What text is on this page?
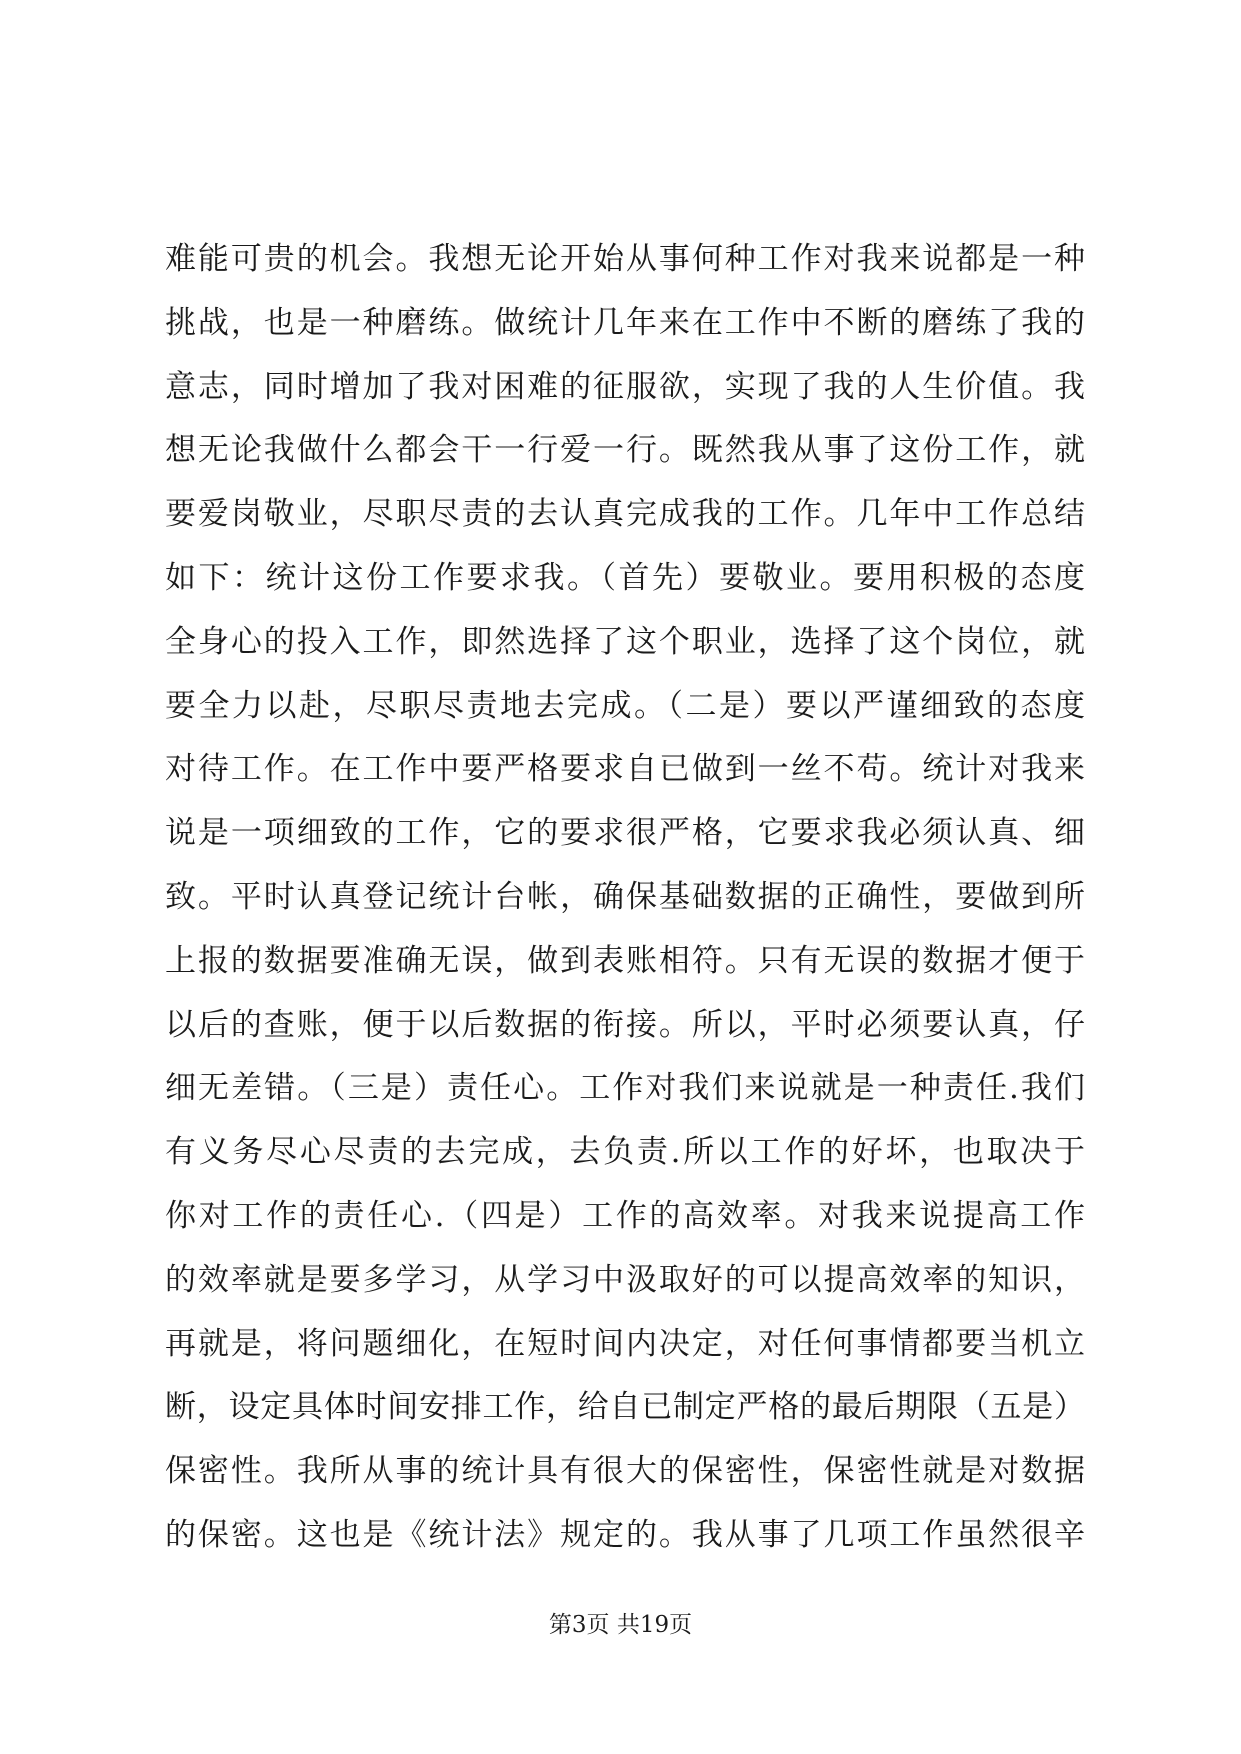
难能可贵的机会。我想无论开始从事何种工作对我来说都是一种
挑战，也是一种磨练。做统计几年来在工作中不断的磨练了我的
意志，同时增加了我对困难的征服欲，实现了我的人生价值。我
想无论我做什么都会干一行爱一行。既然我从事了这份工作，就
要爱岗敬业，尽职尽责的去认真完成我的工作。几年中工作总结
如下：统计这份工作要求我。（首先）要敬业。要用积极的态度
全身心的投入工作，即然选择了这个职业，选择了这个岗位，就
要全力以赴，尽职尽责地去完成。（二是）要以严谨细致的态度
对待工作。在工作中要严格要求自已做到一丝不苟。统计对我来
说是一项细致的工作，它的要求很严格，它要求我必须认真、细
致。平时认真登记统计台帐，确保基础数据的正确性，要做到所
上报的数据要准确无误，做到表账相符。只有无误的数据才便于
以后的查账，便于以后数据的衔接。所以，平时必须要认真，仔
细无差错。（三是）责任心。工作对我们来说就是一种责任.我们
有义务尽心尽责的去完成，去负责.所以工作的好坏，也取决于
你对工作的责任心.（四是）工作的高效率。对我来说提高工作
的效率就是要多学习，从学习中汲取好的可以提高效率的知识，
再就是，将问题细化，在短时间内决定，对任何事情都要当机立
断，设定具体时间安排工作，给自已制定严格的最后期限（五是）
保密性。我所从事的统计具有很大的保密性，保密性就是对数据
的保密。这也是《统计法》规定的。我从事了几项工作虽然很辛
第3页 共19页
